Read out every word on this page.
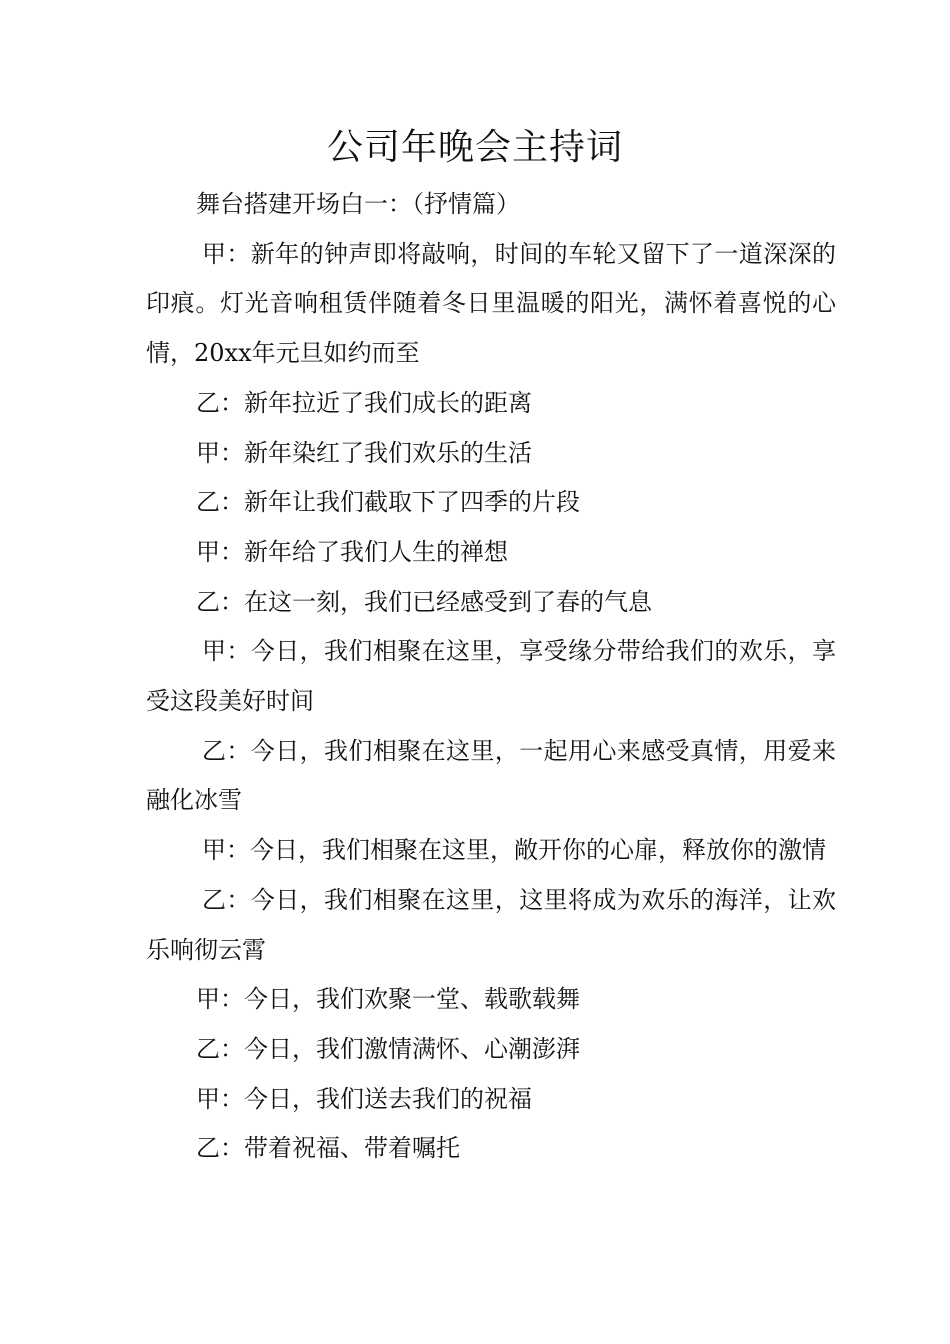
公司年晚会主持词

舞台搭建开场白一：（抒情篇）

甲：新年的钟声即将敲响，时间的车轮又留下了一道深深的印痕。灯光音响租赁伴随着冬日里温暖的阳光，满怀着喜悦的心情，20xx年元旦如约而至

乙：新年拉近了我们成长的距离

甲：新年染红了我们欢乐的生活

乙：新年让我们截取下了四季的片段

甲：新年给了我们人生的禅想

乙：在这一刻，我们已经感受到了春的气息

甲：今日，我们相聚在这里，享受缘分带给我们的欢乐，享受这段美好时间

乙：今日，我们相聚在这里，一起用心来感受真情，用爱来融化冰雪

甲：今日，我们相聚在这里，敞开你的心扉，释放你的激情

乙：今日，我们相聚在这里，这里将成为欢乐的海洋，让欢乐响彻云霄

甲：今日，我们欢聚一堂、载歌载舞

乙：今日，我们激情满怀、心潮澎湃

甲：今日，我们送去我们的祝福

乙：带着祝福、带着嘱托
